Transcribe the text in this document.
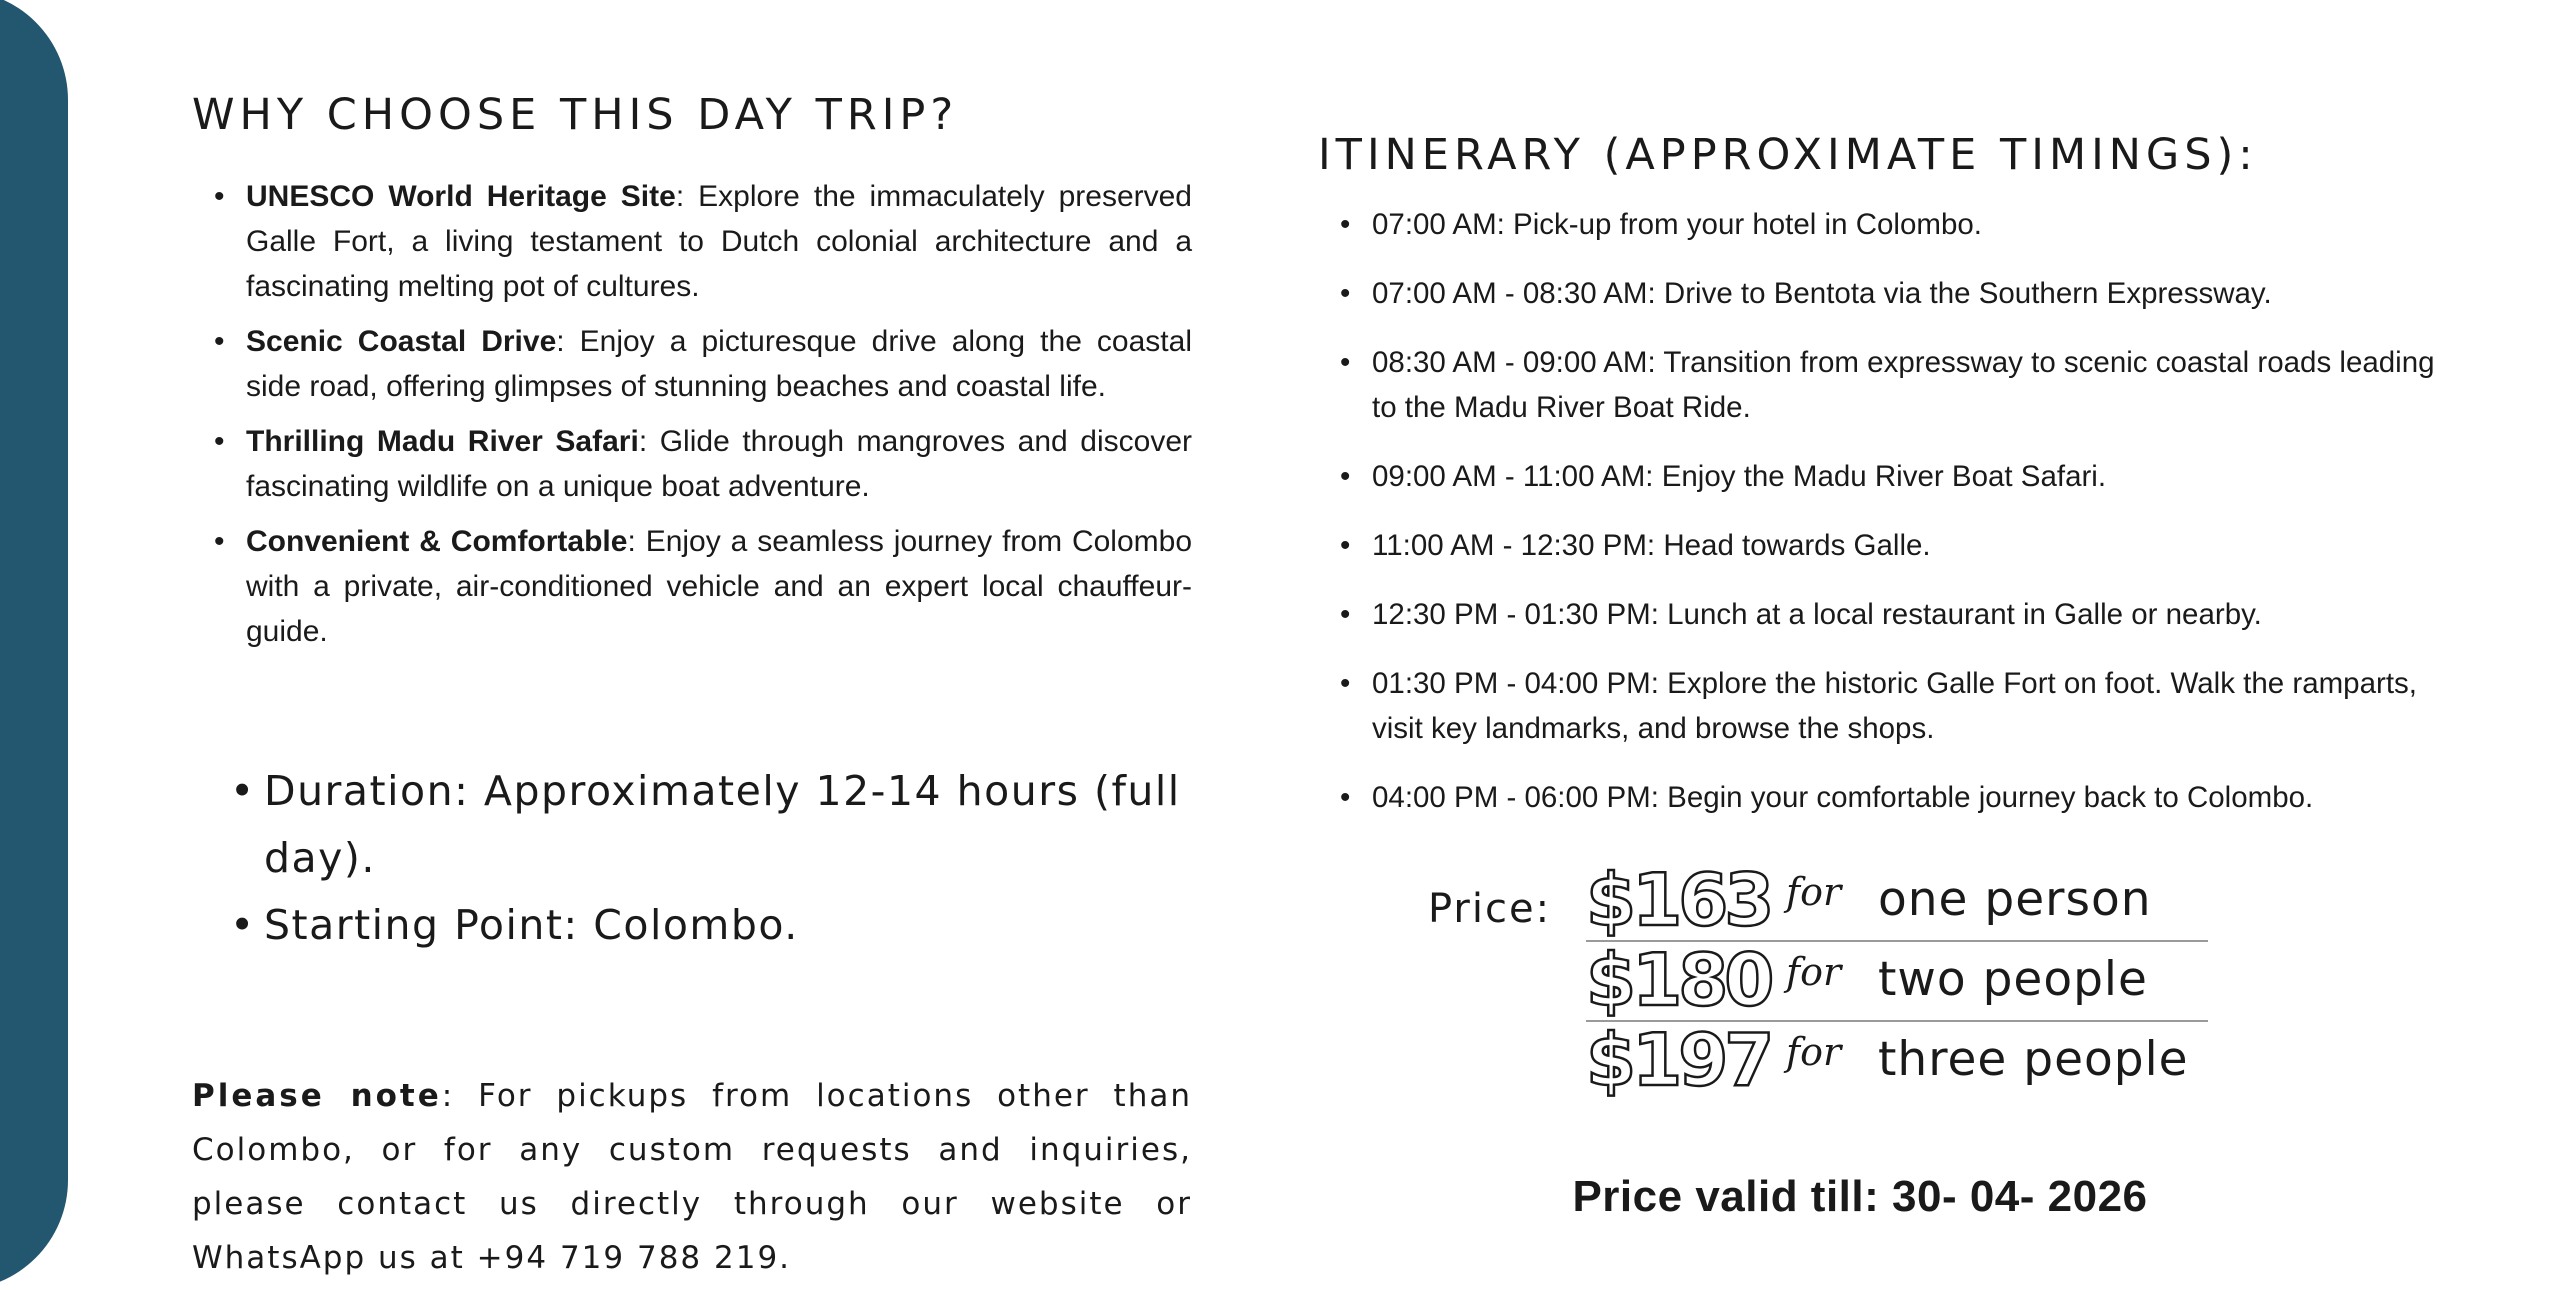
WHY CHOOSE THIS DAY TRIP?
• UNESCO World Heritage Site: Explore the immaculately preserved Galle Fort, a living testament to Dutch colonial architecture and a fascinating melting pot of cultures.
• Scenic Coastal Drive: Enjoy a picturesque drive along the coastal side road, offering glimpses of stunning beaches and coastal life.
• Thrilling Madu River Safari: Glide through mangroves and discover fascinating wildlife on a unique boat adventure.
• Convenient & Comfortable: Enjoy a seamless journey from Colombo with a private, air-conditioned vehicle and an expert local chauffeur-guide.
• Duration: Approximately 12-14 hours (full day).
• Starting Point: Colombo.

Please note: For pickups from locations other than Colombo, or for any custom requests and inquiries, please contact us directly through our website or WhatsApp us at +94 719 788 219.

ITINERARY (APPROXIMATE TIMINGS):
• 07:00 AM: Pick-up from your hotel in Colombo.
• 07:00 AM - 08:30 AM: Drive to Bentota via the Southern Expressway.
• 08:30 AM - 09:00 AM: Transition from expressway to scenic coastal roads leading to the Madu River Boat Ride.
• 09:00 AM - 11:00 AM: Enjoy the Madu River Boat Safari.
• 11:00 AM - 12:30 PM: Head towards Galle.
• 12:30 PM - 01:30 PM: Lunch at a local restaurant in Galle or nearby.
• 01:30 PM - 04:00 PM: Explore the historic Galle Fort on foot. Walk the ramparts, visit key landmarks, and browse the shops.
• 04:00 PM - 06:00 PM: Begin your comfortable journey back to Colombo.
Price: $163 for one person
$180 for two people
$197 for three people
Price valid till: 30- 04- 2026
